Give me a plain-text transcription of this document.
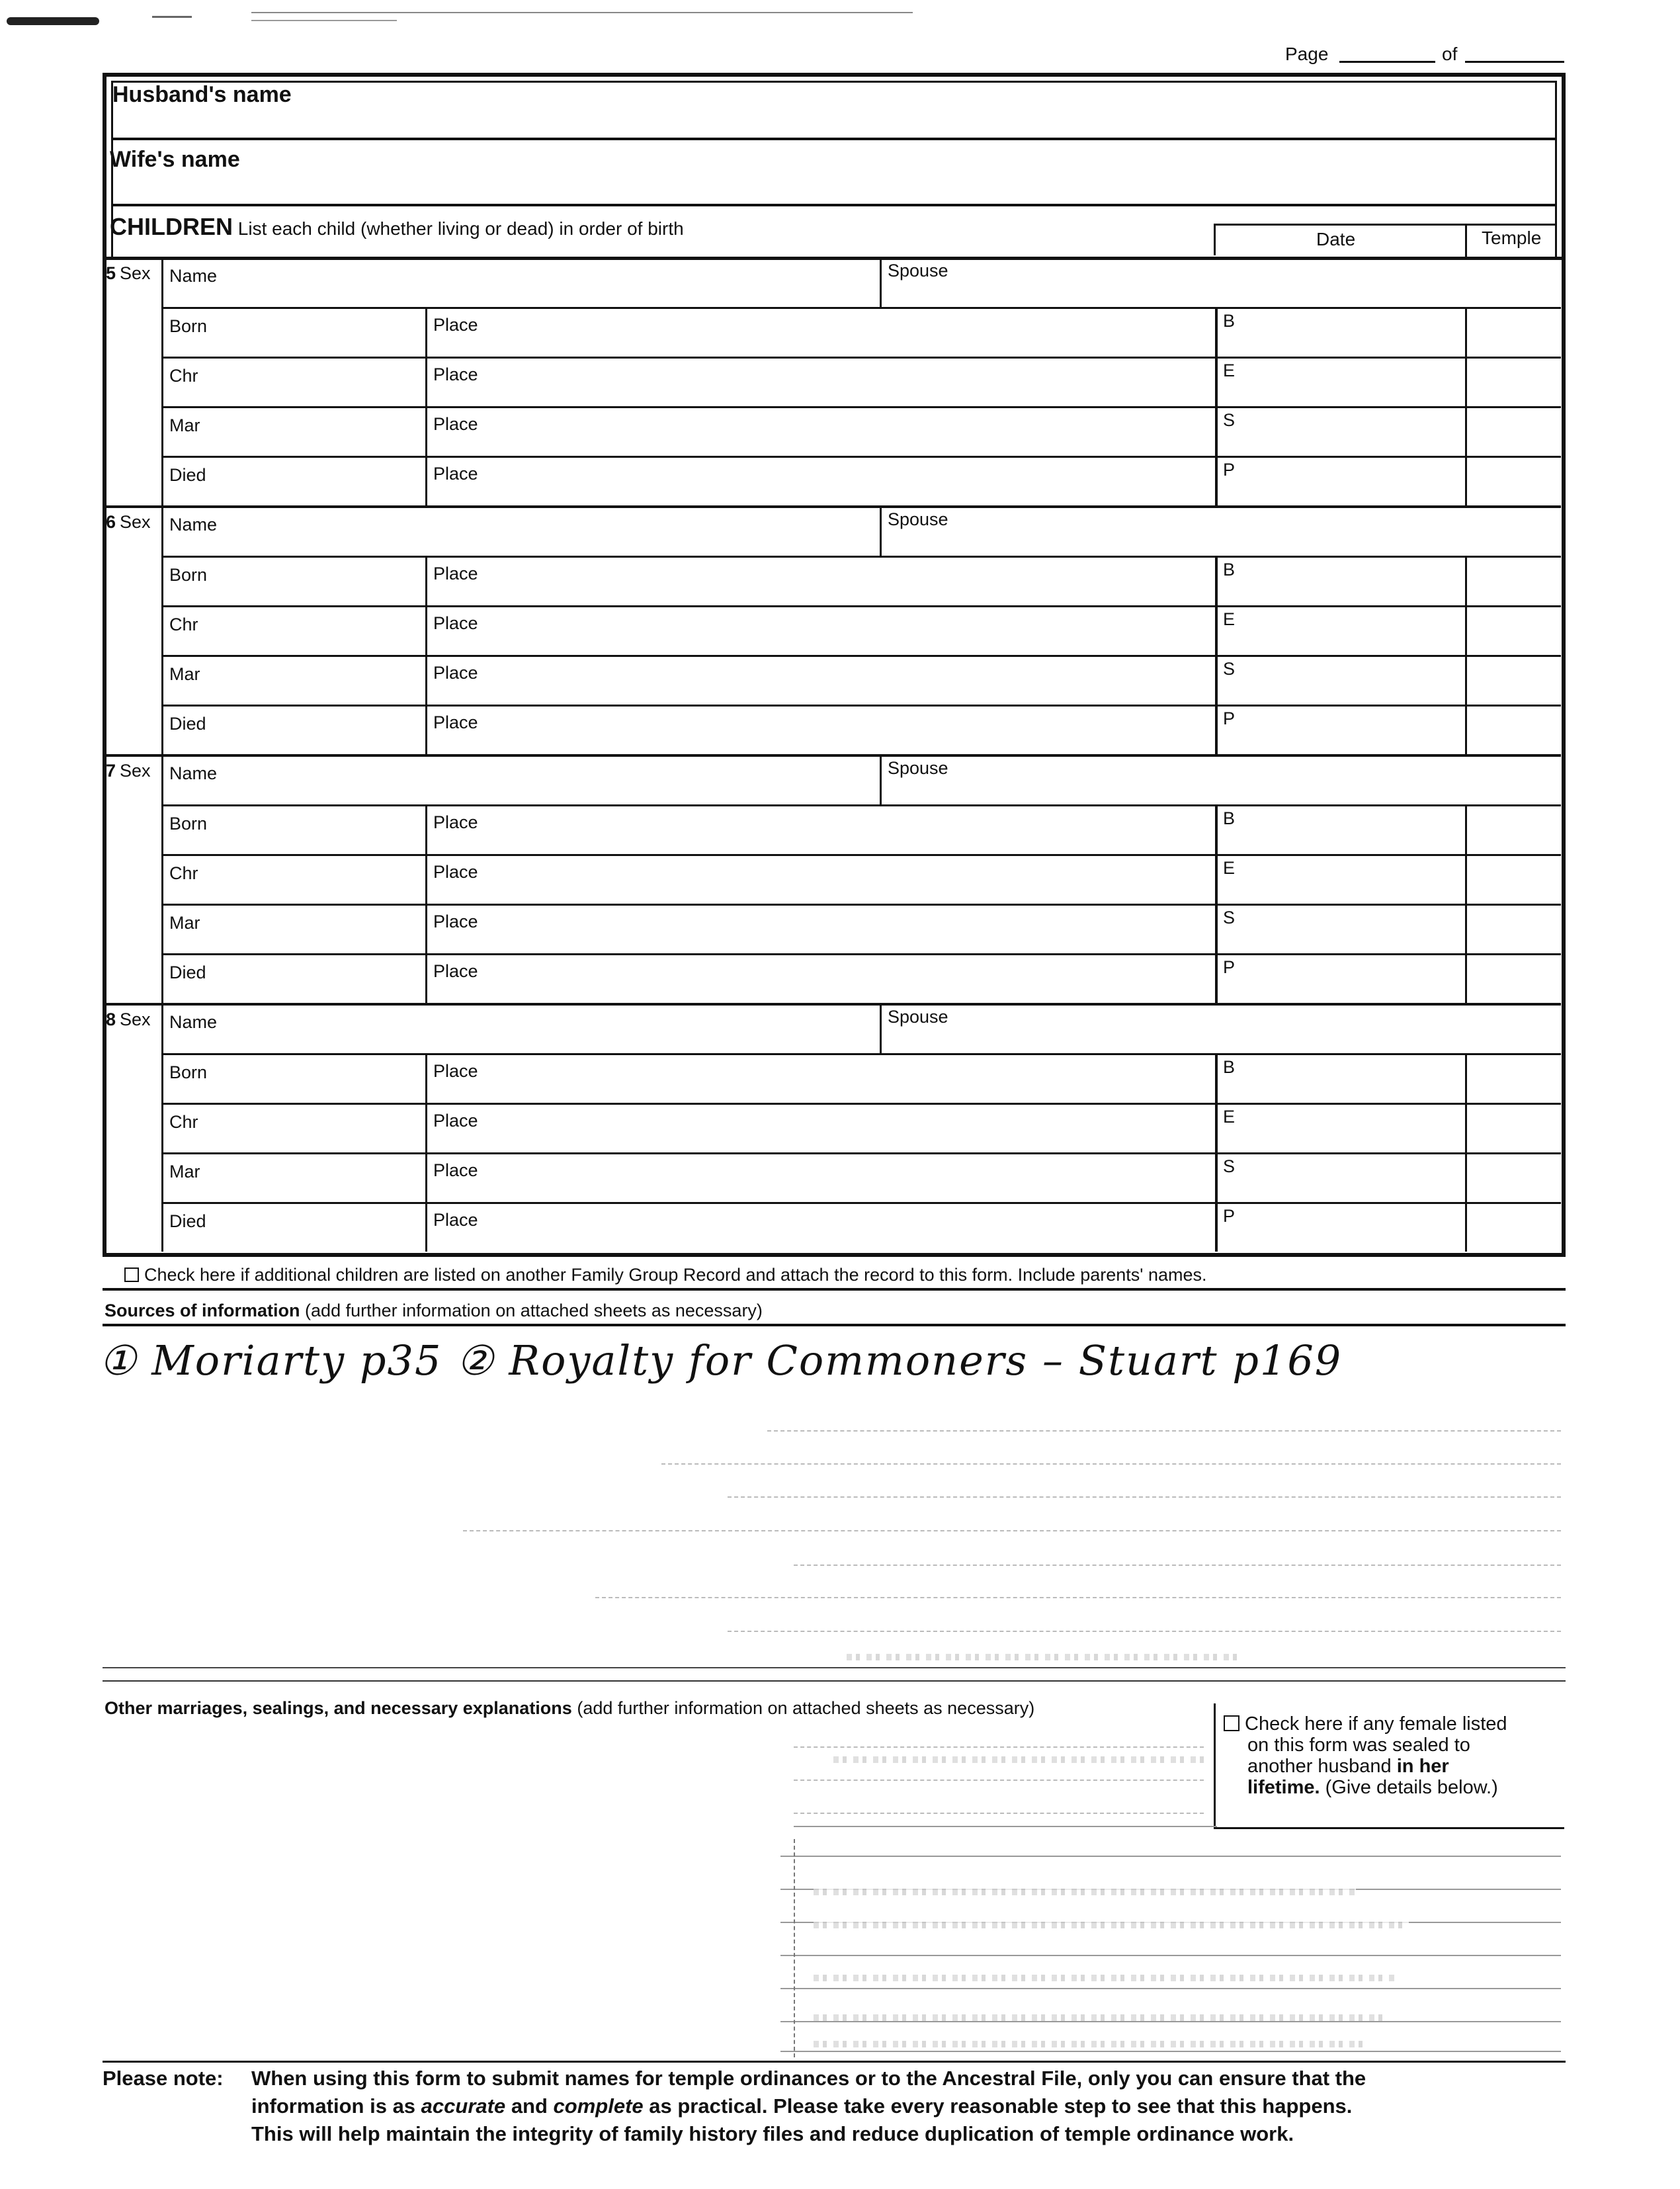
Page	of
Husband's name
Wife's name
CHILDREN List each child (whether living or dead) in order of birth
Date	Temple
5 Sex Name	Spouse
Born	Place	B
Chr	Place	E
Mar	Place	S
Died	Place	P
6 Sex Name	Spouse
Born	Place	B
Chr	Place	E
Mar	Place	S
Died	Place	P
7 Sex Name	Spouse
Born	Place	B
Chr	Place	E
Mar	Place	S
Died	Place	P
8 Sex Name	Spouse
Born	Place	B
Chr	Place	E
Mar	Place	S
Died	Place	P
Check here if additional children are listed on another Family Group Record and attach the record to this form. Include parents' names.
Sources of information (add further information on attached sheets as necessary)
① Moriarty p35 ② Royalty for Commoners – Stuart p169
Other marriages, sealings, and necessary explanations (add further information on attached sheets as necessary)
Check here if any female listed
on this form was sealed to
another husband in her
lifetime. (Give details below.)
Please note: When using this form to submit names for temple ordinances or to the Ancestral File, only you can ensure that the
information is as accurate and complete as practical. Please take every reasonable step to see that this happens.
This will help maintain the integrity of family history files and reduce duplication of temple ordinance work.
